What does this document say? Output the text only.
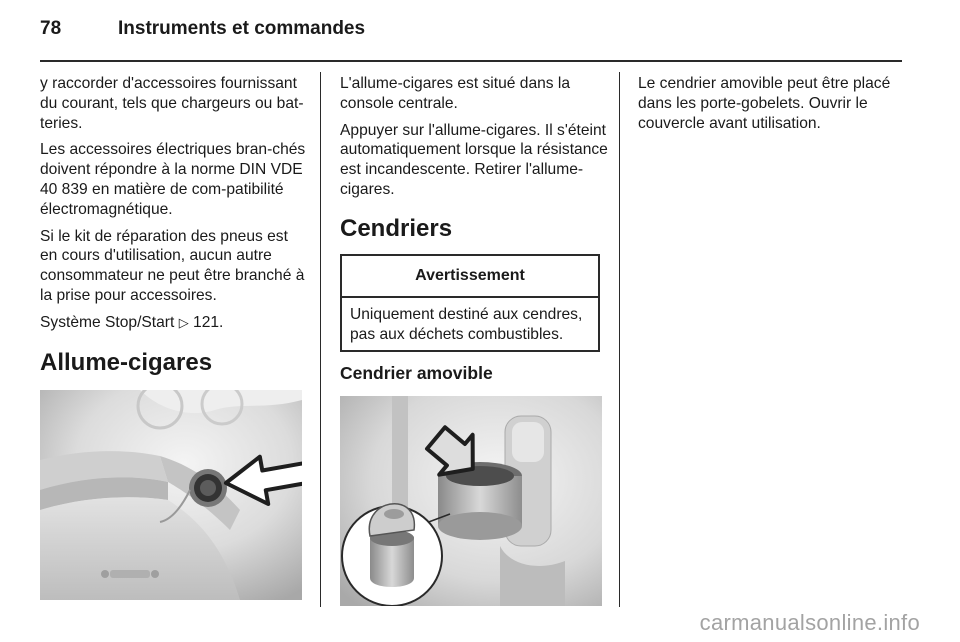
78	Instruments et commandes

y raccorder d'accessoires fournissant du courant, tels que chargeurs ou bat-teries.

Les accessoires électriques bran-chés doivent répondre à la norme DIN VDE 40 839 en matière de com-patibilité électromagnétique.

Si le kit de réparation des pneus est en cours d'utilisation, aucun autre consommateur ne peut être branché à la prise pour accessoires.

Système Stop/Start ▷ 121.

Allume-cigares

L'allume-cigares est situé dans la console centrale.

Appuyer sur l'allume-cigares. Il s'éteint automatiquement lorsque la résistance est incandescente. Retirer l'allume-cigares.

Cendriers
Avertissement
Uniquement destiné aux cendres, pas aux déchets combustibles.
Cendrier amovible

Le cendrier amovible peut être placé dans les porte-gobelets. Ouvrir le couvercle avant utilisation.

carmanualsonline.info
